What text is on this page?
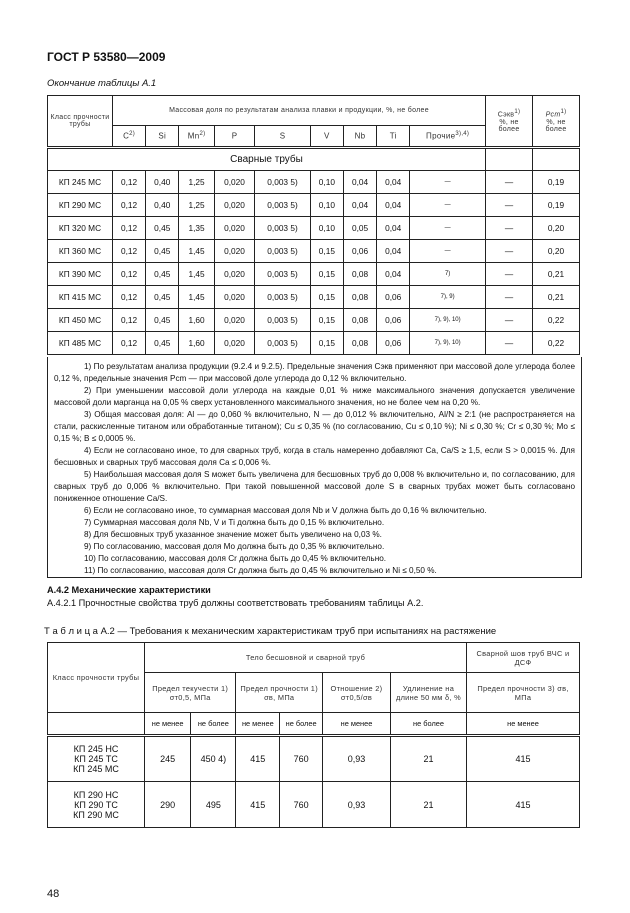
ГОСТ Р 53580—2009
Окончание таблицы А.1
Класс прочности трубы	Массовая доля по результатам анализа плавки и продукции, %, не более									Сэкв$^{1)}$
%, не более	Pcm$^{1)}$
%, не более
	$C^{2)}$	Si	Mn$^{2)}$	P	S	V	Nb	Ti	Прочие$^{3),4)}$
Сварные трубы											
КП 245 МС	0,12	0,40	1,25	0,020	0,003 5)	0,10	0,04	0,04	—	—	0,19
КП 290 МС	0,12	0,40	1,25	0,020	0,003 5)	0,10	0,04	0,04	—	—	0,19
КП 320 МС	0,12	0,45	1,35	0,020	0,003 5)	0,10	0,05	0,04	—	—	0,20
КП 360 МС	0,12	0,45	1,45	0,020	0,003 5)	0,15	0,06	0,04	—	—	0,20
КП 390 МС	0,12	0,45	1,45	0,020	0,003 5)	0,15	0,08	0,04	7)	—	0,21
КП 415 МС	0,12	0,45	1,45	0,020	0,003 5)	0,15	0,08	0,06	7), 9)	—	0,21
КП 450 МС	0,12	0,45	1,60	0,020	0,003 5)	0,15	0,08	0,06	7), 9), 10)	—	0,22
КП 485 МС	0,12	0,45	1,60	0,020	0,003 5)	0,15	0,08	0,06	7), 9), 10)	—	0,22

1) По результатам анализа продукции (9.2.4 и 9.2.5). Предельные значения Сэкв применяют при массовой доле углерода более 0,12 %, предельные значения Pcm — при массовой доле углерода до 0,12 % включительно.

2) При уменьшении массовой доли углерода на каждые 0,01 % ниже максимального значения допускается увеличение массовой доли марганца на 0,05 % сверх установленного максимального значения, но не более чем на 0,20 %.

3) Общая массовая доля: Al — до 0,060 % включительно, N — до 0,012 % включительно, Al/N ≥ 2:1 (не распространяется на стали, раскисленные титаном или обработанные титаном); Cu ≤ 0,35 % (по согласованию, Cu ≤ 0,10 %); Ni ≤ 0,30 %; Cr ≤ 0,30 %; Mo ≤ 0,15 %; B ≤ 0,0005 %.

4) Если не согласовано иное, то для сварных труб, когда в сталь намеренно добавляют Ca, Ca/S ≥ 1,5, если S > 0,0015 %. Для бесшовных и сварных труб массовая доля Ca ≤ 0,006 %.

5) Наибольшая массовая доля S может быть увеличена для бесшовных труб до 0,008 % включительно и, по согласованию, для сварных труб до 0,006 % включительно. При такой повышенной массовой доле S в сварных трубах может быть согласовано пониженное отношение Ca/S.

6) Если не согласовано иное, то суммарная массовая доля Nb и V должна быть до 0,16 % включительно.

7) Суммарная массовая доля Nb, V и Ti должна быть до 0,15 % включительно.

8) Для бесшовных труб указанное значение может быть увеличено на 0,03 %.

9) По согласованию, массовая доля Mo должна быть до 0,35 % включительно.

10) По согласованию, массовая доля Cr должна быть до 0,45 % включительно.

11) По согласованию, массовая доля Cr должна быть до 0,45 % включительно и Ni ≤ 0,50 %.

А.4.2 Механические характеристики
А.4.2.1 Прочностные свойства труб должны соответствовать требованиям таблицы А.2.
Т а б л и ц а А.2 — Требования к механическим характеристикам труб при испытаниях на растяжение
Класс прочности трубы	Тело бесшовной и сварной труб						Сварной шов труб ВЧС и ДСФ
	Предел текучести 1) σт0,5, МПа		Предел прочности 1) σв, МПа		Отношение 2) σт0,5/σв	Удлинение на длине 50 мм δ, %	Предел прочности 3) σв, МПа
	не менее	не более	не менее	не более	не менее	не более	не менее

КП 245 НС
КП 245 ТС
КП 245 МС	245	450 4)	415	760	0,93	21	415

КП 290 НС
КП 290 ТС
КП 290 МС	290	495	415	760	0,93	21	415
48
